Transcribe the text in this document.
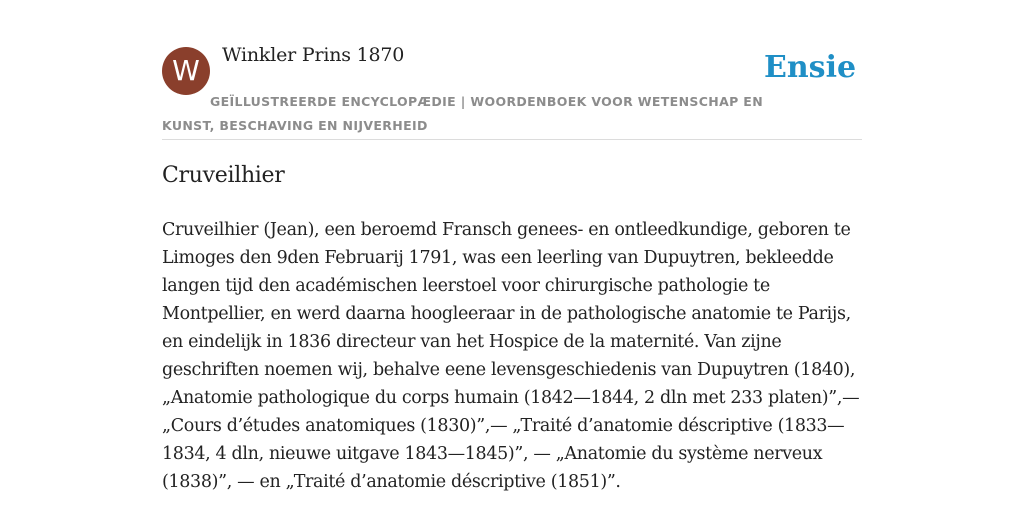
W	Winkler Prins 1870	Ensie
GEÏLLUSTREERDE ENCYCLOPÆDIE | WOORDENBOEK VOOR WETENSCHAP EN KUNST, BESCHAVING EN NIJVERHEID
Cruveilhier

Cruveilhier (Jean), een beroemd Fransch genees- en ontleedkundige, geboren te Limoges den 9den Februarij 1791, was een leerling van Dupuytren, bekleedde langen tijd den académischen leerstoel voor chirurgische pathologie te Montpellier, en werd daarna hoogleeraar in de pathologische anatomie te Parijs, en eindelijk in 1836 directeur van het Hospice de la maternité. Van zijne geschriften noemen wij, behalve eene levensgeschiedenis van Dupuytren (1840), „Anatomie pathologique du corps humain (1842—1844, 2 dln met 233 platen)”,— „Cours d’études anatomiques (1830)”,— „Traité d’anatomie déscriptive (1833—1834, 4 dln, nieuwe uitgave 1843—1845)”, — „Anatomie du système nerveux (1838)”, — en „Traité d’anatomie déscriptive (1851)”.
